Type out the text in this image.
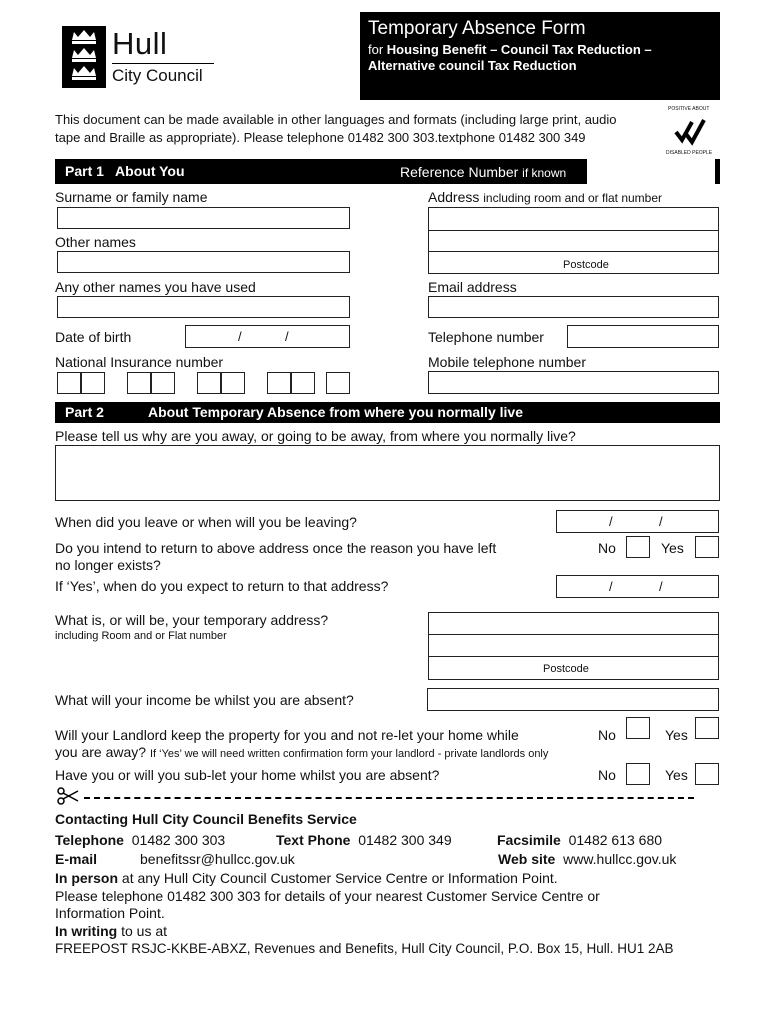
Hull
City Council
Temporary Absence Form
for Housing Benefit – Council Tax Reduction –
Alternative council Tax Reduction
This document can be made available in other languages and formats (including large print, audio
tape and Braille as appropriate). Please telephone 01482 300 303.textphone 01482 300 349
POSITIVE ABOUT
DISABLED PEOPLE
Part 1   About You	Reference Number if known
Surname or family name
Other names
Any other names you have used
Date of birth	/	/
National Insurance number
Address including room and or flat number
Postcode
Email address
Telephone number
Mobile telephone number
Part 2	About Temporary Absence from where you normally live
Please tell us why are you away, or going to be away, from where you normally live?
When did you leave or when will you be leaving?	/	/
Do you intend to return to above address once the reason you have left
no longer exists?
No	Yes
If ‘Yes’, when do you expect to return to that address?	/	/
What is, or will be, your temporary address?
including Room and or Flat number
Postcode
What will your income be whilst you are absent?
Will your Landlord keep the property for you and not re-let your home while
you are away? If ‘Yes’ we will need written confirmation form your landlord - private landlords only
No	Yes
Have you or will you sub-let your home whilst you are absent?	No	Yes
Contacting Hull City Council Benefits Service
Telephone 01482 300 303	Text Phone 01482 300 349	Facsimile 01482 613 680
E-mail	benefitssr@hullcc.gov.uk	Web site www.hullcc.gov.uk
In person at any Hull City Council Customer Service Centre or Information Point.
Please telephone 01482 300 303 for details of your nearest Customer Service Centre or
Information Point.
In writing to us at
FREEPOST RSJC-KKBE-ABXZ, Revenues and Benefits, Hull City Council, P.O. Box 15, Hull. HU1 2AB
